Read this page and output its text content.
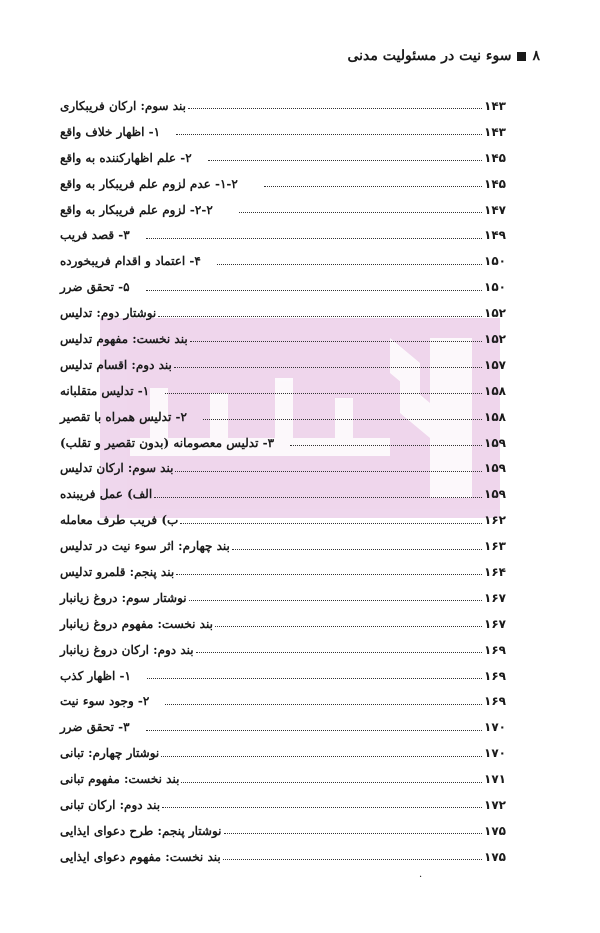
۸سوء نیت در مسئولیت مدنی
بند سوم: ارکان فریبکاری	۱۴۳
۱- اظهار خلاف واقع	۱۴۳
۲- علم اظهارکننده به واقع	۱۴۵
۱-۲- عدم لزوم علم فریبکار به واقع	۱۴۵
۲-۲- لزوم علم فریبکار به واقع	۱۴۷
۳- قصد فریب	۱۴۹
۴- اعتماد و اقدام فریبخورده	۱۵۰
۵- تحقق ضرر	۱۵۰
نوشتار دوم: تدلیس	۱۵۲
بند نخست: مفهوم تدلیس	۱۵۲
بند دوم: اقسام تدلیس	۱۵۷
۱- تدلیس متقلبانه	۱۵۸
۲- تدلیس همراه با تقصیر	۱۵۸
۳- تدلیس معصومانه (بدون تقصیر و تقلب)	۱۵۹
بند سوم: ارکان تدلیس	۱۵۹
الف) عمل فریبنده	۱۵۹
ب) فریب طرف معامله	۱۶۲
بند چهارم: اثر سوء نیت در تدلیس	۱۶۳
بند پنجم: قلمرو تدلیس	۱۶۴
نوشتار سوم: دروغ زیانبار	۱۶۷
بند نخست: مفهوم دروغ زیانبار	۱۶۷
بند دوم: ارکان دروغ زیانبار	۱۶۹
۱- اظهار کذب	۱۶۹
۲- وجود سوء نیت	۱۶۹
۳- تحقق ضرر	۱۷۰
نوشتار چهارم: تبانی	۱۷۰
بند نخست: مفهوم تبانی	۱۷۱
بند دوم: ارکان تبانی	۱۷۲
نوشتار پنجم: طرح دعوای ایذایی	۱۷۵
بند نخست: مفهوم دعوای ایذایی	۱۷۵
·
